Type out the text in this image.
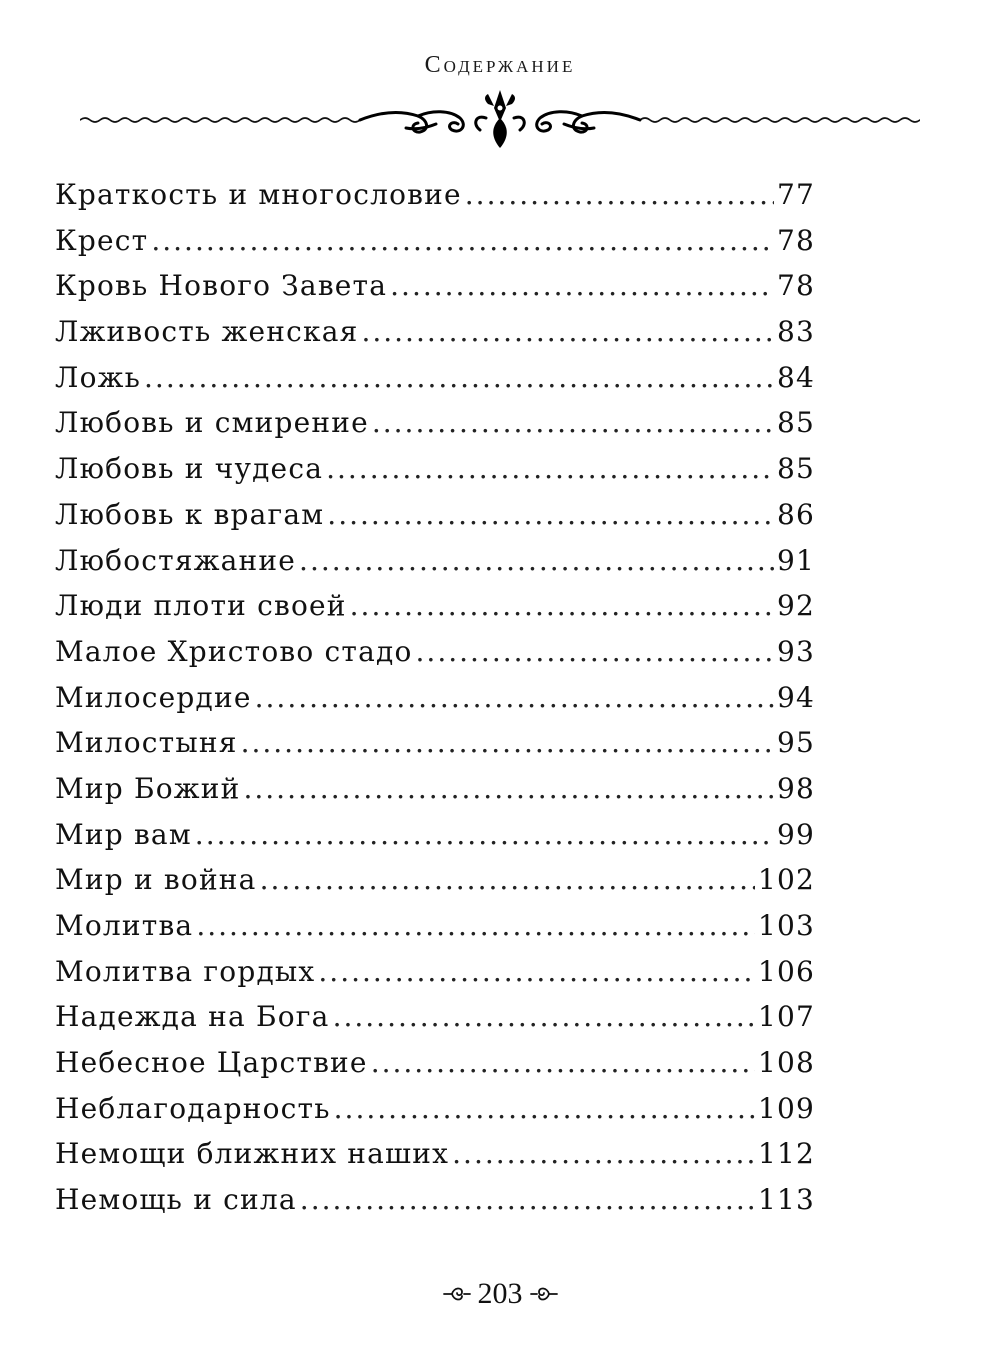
Содержание
Краткость и многословие .....	77
Крест .....	78
Кровь Нового Завета .....	78
Лживость женская .....	83
Ложь .....	84
Любовь и смирение .....	85
Любовь и чудеса .....	85
Любовь к врагам .....	86
Любостяжание .....	91
Люди плоти своей .....	92
Малое Христово стадо .....	93
Милосердие .....	94
Милостыня .....	95
Мир Божий .....	98
Мир вам .....	99
Мир и война .....	102
Молитва .....	103
Молитва гордых .....	106
Надежда на Бога .....	107
Небесное Царствие .....	108
Неблагодарность .....	109
Немощи ближних наших .....	112
Немощь и сила .....	113
203
